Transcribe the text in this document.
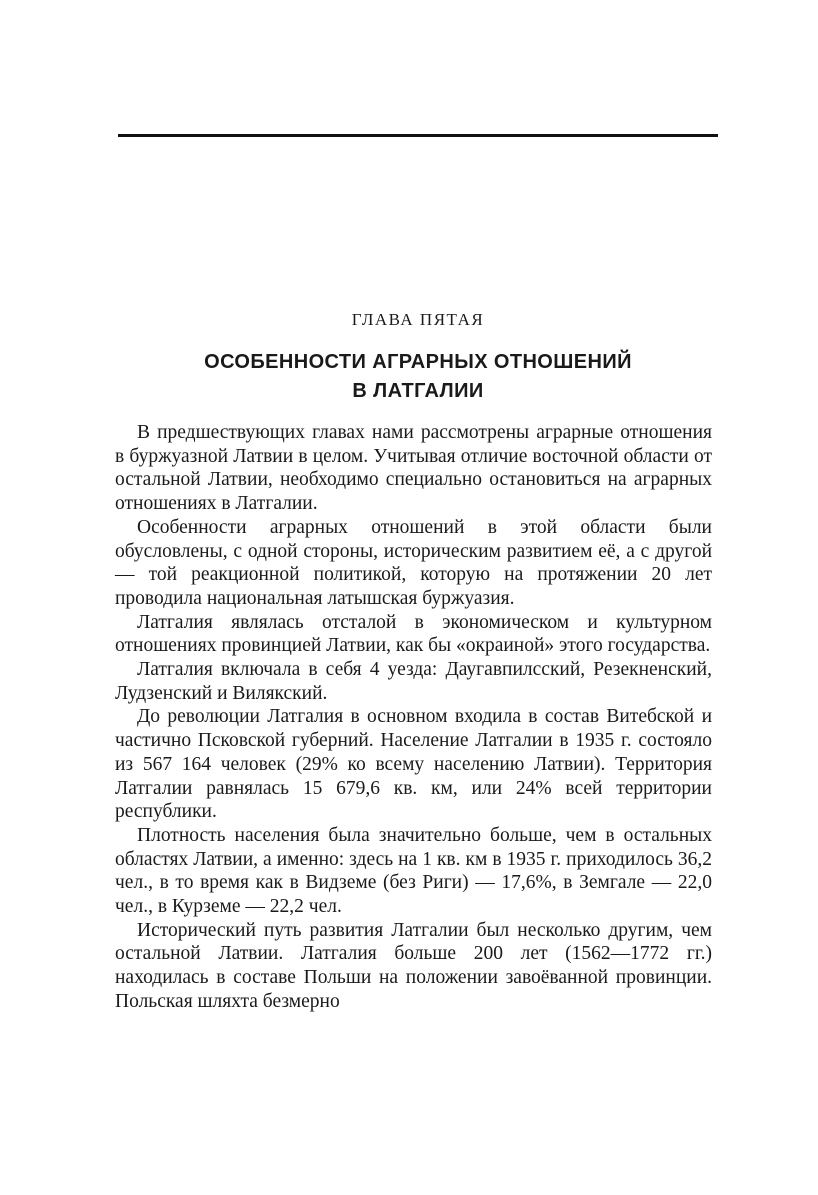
ГЛАВА ПЯТАЯ
ОСОБЕННОСТИ АГРАРНЫХ ОТНОШЕНИЙ
В ЛАТГАЛИИ

В предшествующих главах нами рассмотрены аграрные отношения в буржуазной Латвии в целом. Учитывая отличие восточной области от остальной Латвии, необходимо специально остановиться на аграрных отношениях в Латгалии.

Особенности аграрных отношений в этой области были обусловлены, с одной стороны, историческим развитием её, а с другой — той реакционной политикой, которую на протяжении 20 лет проводила национальная латышская буржуазия.

Латгалия являлась отсталой в экономическом и культурном отношениях провинцией Латвии, как бы «окраиной» этого государства.

Латгалия включала в себя 4 уезда: Даугавпилсский, Резекненский, Лудзенский и Вилякский.

До революции Латгалия в основном входила в состав Витебской и частично Псковской губерний. Население Латгалии в 1935 г. состояло из 567 164 человек (29% ко всему населению Латвии). Территория Латгалии равнялась 15 679,6 кв. км, или 24% всей территории республики.

Плотность населения была значительно больше, чем в остальных областях Латвии, а именно: здесь на 1 кв. км в 1935 г. приходилось 36,2 чел., в то время как в Видземе (без Риги) — 17,6%, в Земгале — 22,0 чел., в Курземе — 22,2 чел.

Исторический путь развития Латгалии был несколько другим, чем остальной Латвии. Латгалия больше 200 лет (1562—1772 гг.) находилась в составе Польши на положении завоёванной провинции. Польская шляхта безмерно
